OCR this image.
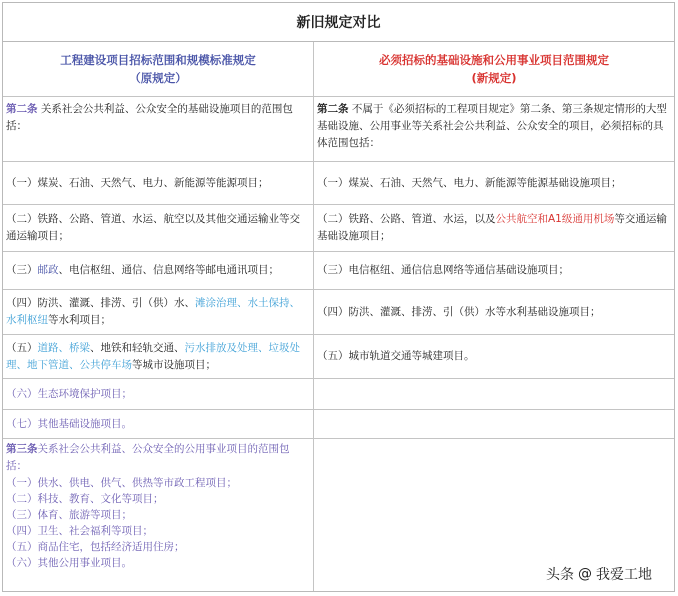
新旧规定对比
工程建设项目招标范围和规模标准规定
（原规定）
必须招标的基础设施和公用事业项目范围规定
(新规定)
第二条 关系社会公共利益、公众安全的基础设施项目的范围包括：
第二条 不属于《必须招标的工程项目规定》第二条、第三条规定情形的大型基础设施、公用事业等关系社会公共利益、公众安全的项目，必须招标的具体范围包括：
（一）煤炭、石油、天然气、电力、新能源等能源项目；	（一）煤炭、石油、天然气、电力、新能源等能源基础设施项目；
（二）铁路、公路、管道、水运、航空以及其他交通运输业等交通运输项目；
（二）铁路、公路、管道、水运，以及公共航空和A1级通用机场等交通运输基础设施项目；
（三）邮政、电信枢纽、通信、信息网络等邮电通讯项目；	（三）电信枢纽、通信信息网络等通信基础设施项目；
（四）防洪、灌溉、排涝、引（供）水、滩涂治理、水土保持、水利枢纽等水利项目；
（四）防洪、灌溉、排涝、引（供）水等水利基础设施项目；
（五）道路、桥梁、地铁和轻轨交通、污水排放及处理、垃圾处理、地下管道、公共停车场等城市设施项目；
（五）城市轨道交通等城建项目。
（六）生态环境保护项目；
（七）其他基础设施项目。
第三条关系社会公共利益、公众安全的公用事业项目的范围包括：
（一）供水、供电、供气、供热等市政工程项目；
（二）科技、教育、文化等项目；
（三）体育、旅游等项目；
（四）卫生、社会福利等项目；
（五）商品住宅，包括经济适用住房；
（六）其他公用事业项目。
头条 @ 我爱工地
